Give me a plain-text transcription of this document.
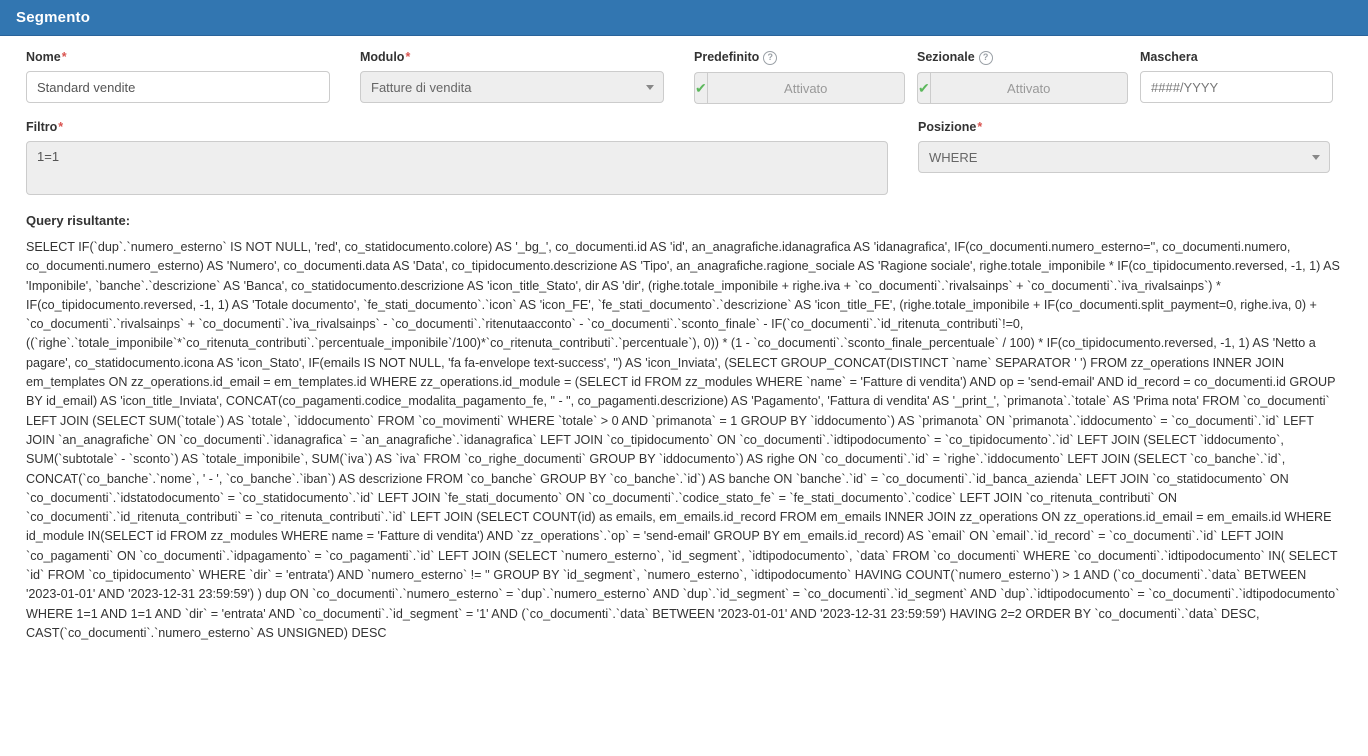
Segmento
Nome*
Standard vendite	Modulo*
Fatture di vendita
Predefinito ?
✔
Attivato
Sezionale ?
✔
Attivato
Maschera
####/YYYY
Filtro*
1=1	Posizione*
WHERE
Query risultante:
SELECT IF(`dup`.`numero_esterno` IS NOT NULL, 'red', co_statidocumento.colore) AS '_bg_', co_documenti.id AS 'id', an_anagrafiche.idanagrafica AS 'idanagrafica', IF(co_documenti.numero_esterno='', co_documenti.numero, co_documenti.numero_esterno) AS 'Numero', co_documenti.data AS 'Data', co_tipidocumento.descrizione AS 'Tipo', an_anagrafiche.ragione_sociale AS 'Ragione sociale', righe.totale_imponibile * IF(co_tipidocumento.reversed, -1, 1) AS 'Imponibile', `banche`.`descrizione` AS 'Banca', co_statidocumento.descrizione AS 'icon_title_Stato', dir AS 'dir', (righe.totale_imponibile + righe.iva + `co_documenti`.`rivalsainps` + `co_documenti`.`iva_rivalsainps`) * IF(co_tipidocumento.reversed, -1, 1) AS 'Totale documento', `fe_stati_documento`.`icon` AS 'icon_FE', `fe_stati_documento`.`descrizione` AS 'icon_title_FE', (righe.totale_imponibile + IF(co_documenti.split_payment=0, righe.iva, 0) + `co_documenti`.`rivalsainps` + `co_documenti`.`iva_rivalsainps` - `co_documenti`.`ritenutaacconto` - `co_documenti`.`sconto_finale` - IF(`co_documenti`.`id_ritenuta_contributi`!=0, ((`righe`.`totale_imponibile`*`co_ritenuta_contributi`.`percentuale_imponibile`/100)*`co_ritenuta_contributi`.`percentuale`), 0)) * (1 - `co_documenti`.`sconto_finale_percentuale` / 100) * IF(co_tipidocumento.reversed, -1, 1) AS 'Netto a pagare', co_statidocumento.icona AS 'icon_Stato', IF(emails IS NOT NULL, 'fa fa-envelope text-success', '') AS 'icon_Inviata', (SELECT GROUP_CONCAT(DISTINCT `name` SEPARATOR ' ') FROM zz_operations INNER JOIN em_templates ON zz_operations.id_email = em_templates.id WHERE zz_operations.id_module = (SELECT id FROM zz_modules WHERE `name` = 'Fatture di vendita') AND op = 'send-email' AND id_record = co_documenti.id GROUP BY id_email) AS 'icon_title_Inviata', CONCAT(co_pagamenti.codice_modalita_pagamento_fe, " - ", co_pagamenti.descrizione) AS 'Pagamento', 'Fattura di vendita' AS '_print_', `primanota`.`totale` AS 'Prima nota' FROM `co_documenti` LEFT JOIN (SELECT SUM(`totale`) AS `totale`, `iddocumento` FROM `co_movimenti` WHERE `totale` > 0 AND `primanota` = 1 GROUP BY `iddocumento`) AS `primanota` ON `primanota`.`iddocumento` = `co_documenti`.`id` LEFT JOIN `an_anagrafiche` ON `co_documenti`.`idanagrafica` = `an_anagrafiche`.`idanagrafica` LEFT JOIN `co_tipidocumento` ON `co_documenti`.`idtipodocumento` = `co_tipidocumento`.`id` LEFT JOIN (SELECT `iddocumento`, SUM(`subtotale` - `sconto`) AS `totale_imponibile`, SUM(`iva`) AS `iva` FROM `co_righe_documenti` GROUP BY `iddocumento`) AS righe ON `co_documenti`.`id` = `righe`.`iddocumento` LEFT JOIN (SELECT `co_banche`.`id`, CONCAT(`co_banche`.`nome`, ' - ', `co_banche`.`iban`) AS descrizione FROM `co_banche` GROUP BY `co_banche`.`id`) AS banche ON `banche`.`id` = `co_documenti`.`id_banca_azienda` LEFT JOIN `co_statidocumento` ON `co_documenti`.`idstatodocumento` = `co_statidocumento`.`id` LEFT JOIN `fe_stati_documento` ON `co_documenti`.`codice_stato_fe` = `fe_stati_documento`.`codice` LEFT JOIN `co_ritenuta_contributi` ON `co_documenti`.`id_ritenuta_contributi` = `co_ritenuta_contributi`.`id` LEFT JOIN (SELECT COUNT(id) as emails, em_emails.id_record FROM em_emails INNER JOIN zz_operations ON zz_operations.id_email = em_emails.id WHERE id_module IN(SELECT id FROM zz_modules WHERE name = 'Fatture di vendita') AND `zz_operations`.`op` = 'send-email' GROUP BY em_emails.id_record) AS `email` ON `email`.`id_record` = `co_documenti`.`id` LEFT JOIN `co_pagamenti` ON `co_documenti`.`idpagamento` = `co_pagamenti`.`id` LEFT JOIN (SELECT `numero_esterno`, `id_segment`, `idtipodocumento`, `data` FROM `co_documenti` WHERE `co_documenti`.`idtipodocumento` IN( SELECT `id` FROM `co_tipidocumento` WHERE `dir` = 'entrata') AND `numero_esterno` != '' GROUP BY `id_segment`, `numero_esterno`, `idtipodocumento` HAVING COUNT(`numero_esterno`) > 1 AND (`co_documenti`.`data` BETWEEN '2023-01-01' AND '2023-12-31 23:59:59') ) dup ON `co_documenti`.`numero_esterno` = `dup`.`numero_esterno` AND `dup`.`id_segment` = `co_documenti`.`id_segment` AND `dup`.`idtipodocumento` = `co_documenti`.`idtipodocumento` WHERE 1=1 AND 1=1 AND `dir` = 'entrata' AND `co_documenti`.`id_segment` = '1' AND (`co_documenti`.`data` BETWEEN '2023-01-01' AND '2023-12-31 23:59:59') HAVING 2=2 ORDER BY `co_documenti`.`data` DESC, CAST(`co_documenti`.`numero_esterno` AS UNSIGNED) DESC
